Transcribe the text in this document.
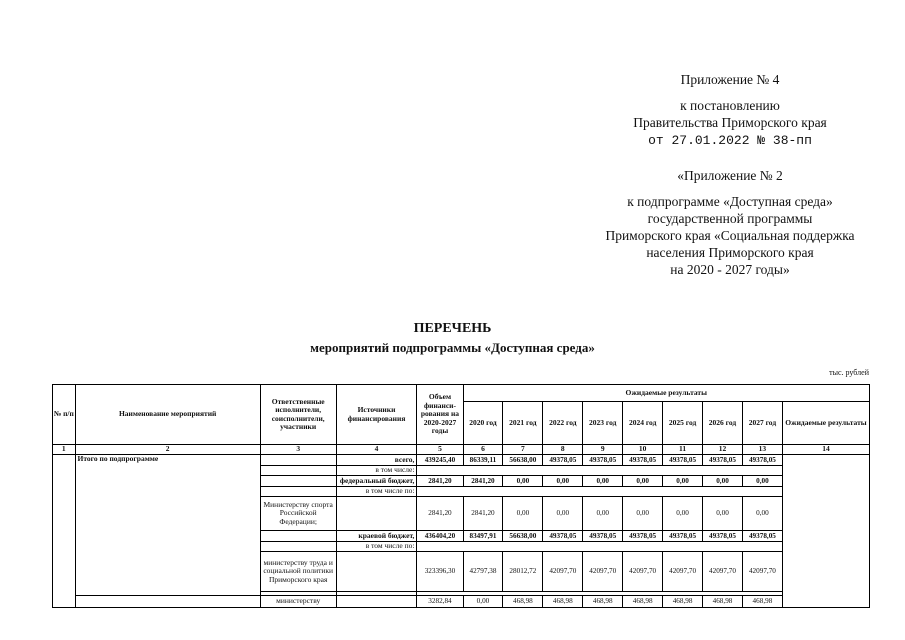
Приложение № 4
к постановлению
Правительства Приморского края
от 27.01.2022 № 38-пп
«Приложение № 2
к подпрограмме «Доступная среда»
государственной программы
Приморского края «Социальная поддержка
населения Приморского края
на 2020 - 2027 годы»
ПЕРЕЧЕНЬ
мероприятий подпрограммы «Доступная среда»
тыс. рублей
№ п/п	Наименование мероприятий	Ответственные исполнители, соисполнители, участники	Источники финансирования	Объем финанси-рования на 2020-2027 годы	Ожидаемые результаты								
					2020 год	2021 год	2022 год	2023 год	2024 год	2025 год	2026 год	2027 год	Ожидаемые результаты
1	2	3	4	5	6	7	8	9	10	11	12	13	14
	Итого по подпрограмме		всего,	439245,40	86339,11	56638,00	49378,05	49378,05	49378,05	49378,05	49378,05	49378,05	
			в том числе:										
			федеральный бюджет,	2841,20	2841,20	0,00	0,00	0,00	0,00	0,00	0,00	0,00	
			в том числе по:										
		Министерству спорта Российской Федерации;		2841,20	2841,20	0,00	0,00	0,00	0,00	0,00	0,00	0,00	
			краевой бюджет,	436404,20	83497,91	56638,00	49378,05	49378,05	49378,05	49378,05	49378,05	49378,05	
			в том числе по:										
		министерству труда и социальной политики Приморского края		323396,30	42797,38	28012,72	42097,70	42097,70	42097,70	42097,70	42097,70	42097,70	

		министерству		3282,84	0,00	468,98	468,98	468,98	468,98	468,98	468,98	468,98	
